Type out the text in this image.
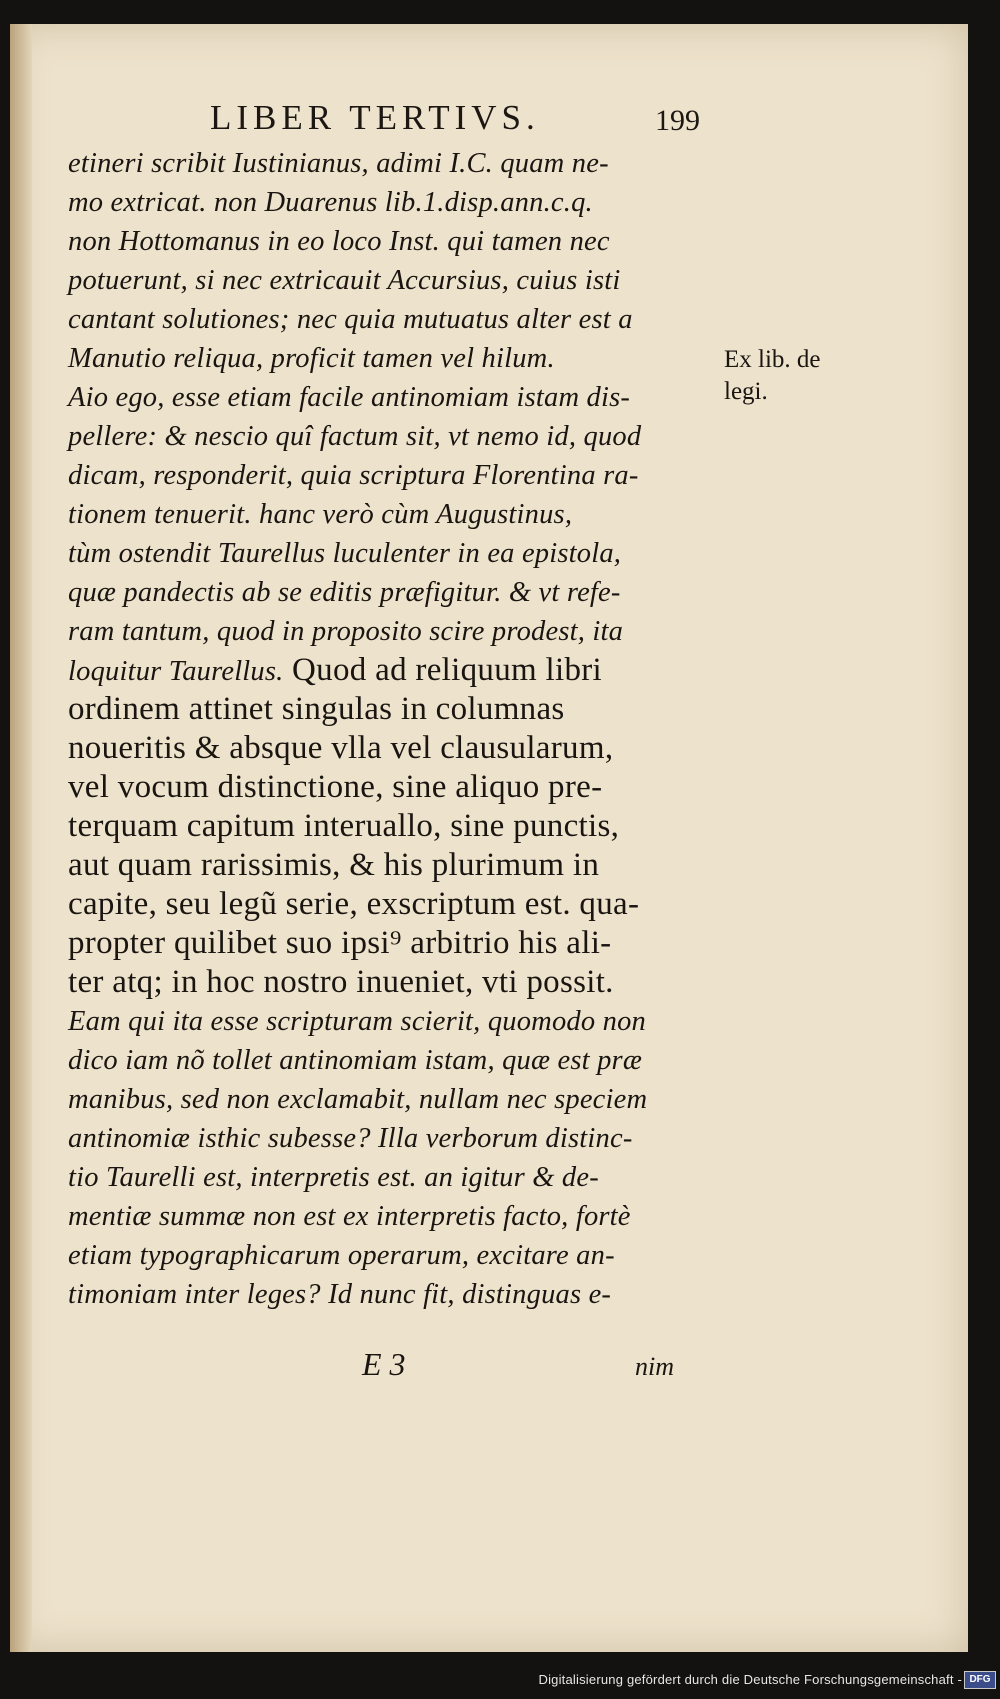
LIBER TERTIVS.	199
etineri scribit Iustinianus, adimi I.C. quam ne-
mo extricat. non Duarenus lib.1.disp.ann.c.q.
non Hottomanus in eo loco Inst. qui tamen nec
potuerunt, si nec extricauit Accursius, cuius isti
cantant solutiones; nec quia mutuatus alter est a
Manutio reliqua, proficit tamen vel hilum.
Aio ego, esse etiam facile antinomiam istam dis-
pellere: & nescio quî factum sit, vt nemo id, quod
dicam, responderit, quia scriptura Florentina ra-
tionem tenuerit. hanc verò cùm Augustinus,
tùm ostendit Taurellus luculenter in ea epistola,
quæ pandectis ab se editis præfigitur. & vt refe-
ram tantum, quod in proposito scire prodest, ita
loquitur Taurellus. Quod ad reliquum libri
ordinem attinet singulas in columnas
noueritis & absque vlla vel clausularum,
vel vocum distinctione, sine aliquo pre-
terquam capitum interuallo, sine punctis,
aut quam rarissimis, & his plurimum in
capite, seu legũ serie, exscriptum est. qua-
propter quilibet suo ipsi⁹ arbitrio his ali-
ter atq; in hoc nostro inueniet, vti possit.
Eam qui ita esse scripturam scierit, quomodo non
dico iam nõ tollet antinomiam istam, quæ est præ
manibus, sed non exclamabit, nullam nec speciem
antinomiæ isthic subesse? Illa verborum distinc-
tio Taurelli est, interpretis est. an igitur & de-
mentiæ summæ non est ex interpretis facto, fortè
etiam typographicarum operarum, excitare an-
timoniam inter leges? Id nunc fit, distinguas e-
Ex lib. de
legi.
E 3	nim
Digitalisierung gefördert durch die Deutsche Forschungsgemeinschaft - DFG
